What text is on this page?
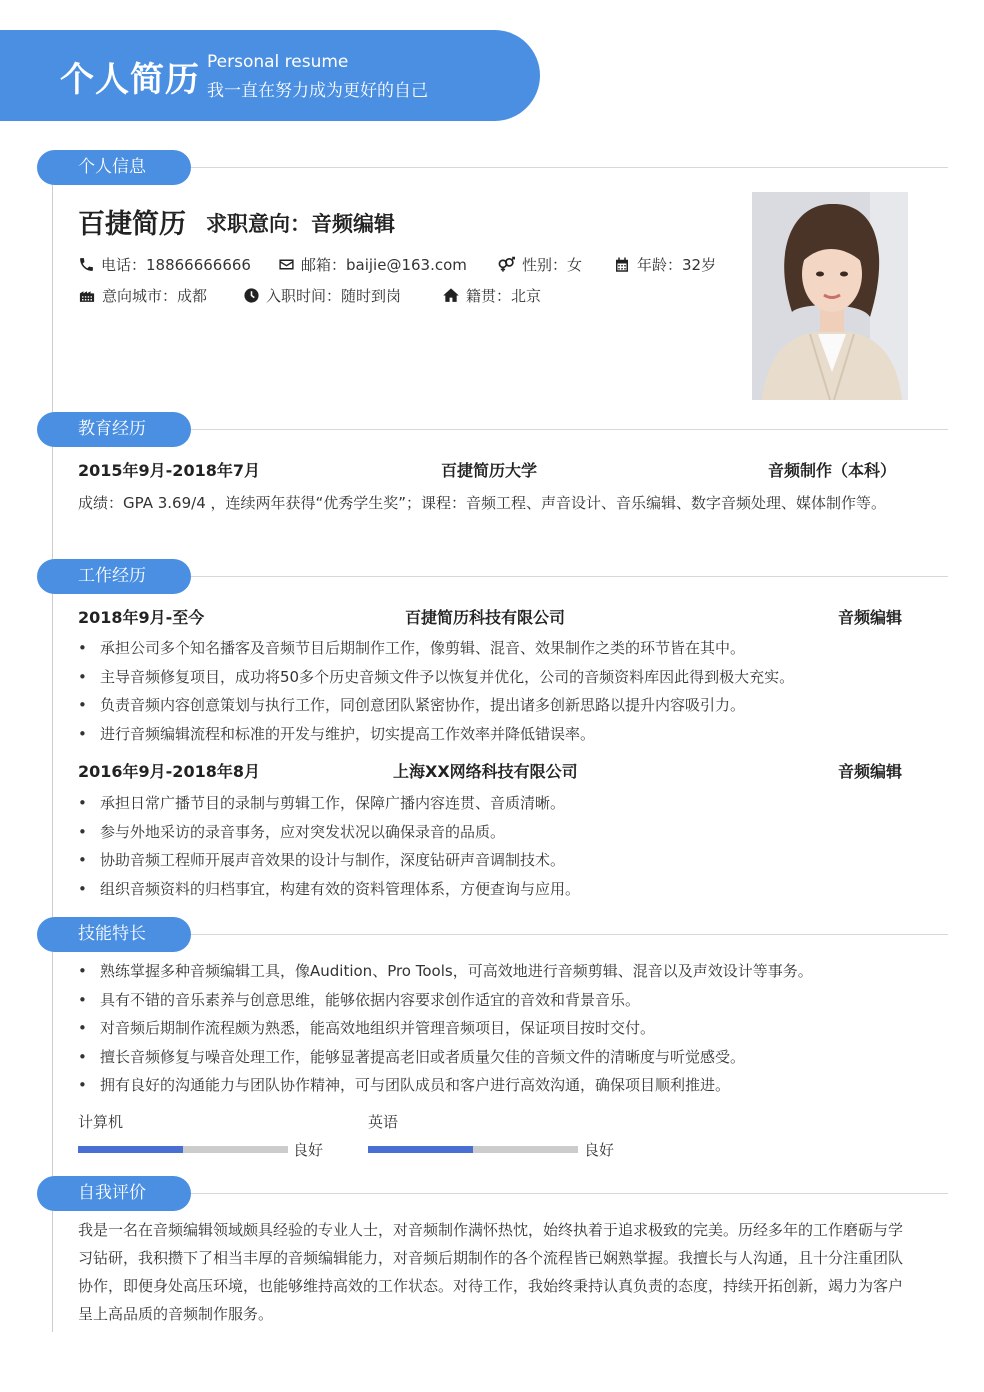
个人简历 Personal resume
我一直在努力成为更好的自己
个人信息
百捷简历 求职意向：音频编辑
电话：18866666666	邮箱：baijie@163.com	性别：女	年龄：32岁
意向城市：成都	入职时间：随时到岗	籍贯：北京
教育经历
2015年9月-2018年7月	百捷简历大学	音频制作（本科）
成绩：GPA 3.69/4 ，连续两年获得“优秀学生奖”；课程：音频工程、声音设计、音乐编辑、数字音频处理、媒体制作等。
工作经历
2018年9月-至今	百捷简历科技有限公司	音频编辑
• 承担公司多个知名播客及音频节目后期制作工作，像剪辑、混音、效果制作之类的环节皆在其中。
• 主导音频修复项目，成功将50多个历史音频文件予以恢复并优化，公司的音频资料库因此得到极大充实。
• 负责音频内容创意策划与执行工作，同创意团队紧密协作，提出诸多创新思路以提升内容吸引力。
• 进行音频编辑流程和标准的开发与维护，切实提高工作效率并降低错误率。
2016年9月-2018年8月	上海XX网络科技有限公司	音频编辑
• 承担日常广播节目的录制与剪辑工作，保障广播内容连贯、音质清晰。
• 参与外地采访的录音事务，应对突发状况以确保录音的品质。
• 协助音频工程师开展声音效果的设计与制作，深度钻研声音调制技术。
• 组织音频资料的归档事宜，构建有效的资料管理体系，方便查询与应用。
技能特长
• 熟练掌握多种音频编辑工具，像Audition、Pro Tools，可高效地进行音频剪辑、混音以及声效设计等事务。
• 具有不错的音乐素养与创意思维，能够依据内容要求创作适宜的音效和背景音乐。
• 对音频后期制作流程颇为熟悉，能高效地组织并管理音频项目，保证项目按时交付。
• 擅长音频修复与噪音处理工作，能够显著提高老旧或者质量欠佳的音频文件的清晰度与听觉感受。
• 拥有良好的沟通能力与团队协作精神，可与团队成员和客户进行高效沟通，确保项目顺利推进。
计算机
良好
英语
良好
自我评价
我是一名在音频编辑领域颇具经验的专业人士，对音频制作满怀热忱，始终执着于追求极致的完美。历经多年的工作磨砺与学习钻研，我积攒下了相当丰厚的音频编辑能力，对音频后期制作的各个流程皆已娴熟掌握。我擅长与人沟通，且十分注重团队协作，即便身处高压环境，也能够维持高效的工作状态。对待工作，我始终秉持认真负责的态度，持续开拓创新，竭力为客户呈上高品质的音频制作服务。
